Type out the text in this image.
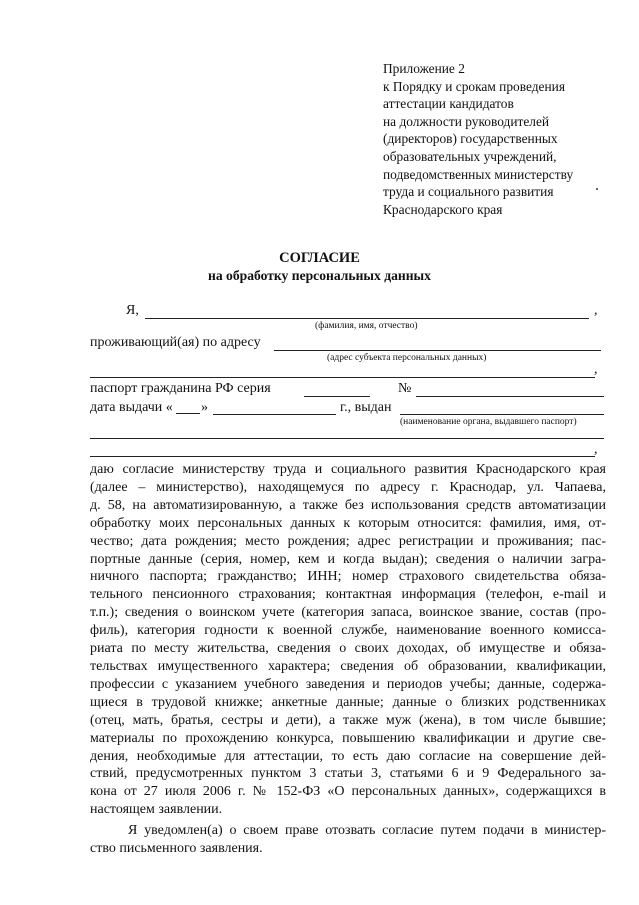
Приложение 2
к Порядку и срокам проведения
аттестации кандидатов
на должности руководителей
(директоров) государственных
образовательных учреждений,
подведомственных министерству
труда и социального развития
Краснодарского края
СОГЛАСИЕ
на обработку персональных данных
Я,	,
(фамилия, имя, отчество)
проживающий(ая) по адресу
(адрес субъекта персональных данных)
,
паспорт гражданина РФ серия	№
дата выдачи « »	г., выдан
(наименование органа, выдавшего паспорт)
,
даю согласие министерству труда и социального развития Краснодарского края
(далее – министерство), находящемуся по адресу г. Краснодар, ул. Чапаева,
д. 58, на автоматизированную, а также без использования средств автоматизации
обработку моих персональных данных к которым относится: фамилия, имя, от-
чество; дата рождения; место рождения; адрес регистрации и проживания; пас-
портные данные (серия, номер, кем и когда выдан); сведения о наличии загра-
ничного паспорта; гражданство; ИНН; номер страхового свидетельства обяза-
тельного пенсионного страхования; контактная информация (телефон, e-mail и
т.п.); сведения о воинском учете (категория запаса, воинское звание, состав (про-
филь), категория годности к военной службе, наименование военного комисса-
риата по месту жительства, сведения о своих доходах, об имуществе и обяза-
тельствах имущественного характера; сведения об образовании, квалификации,
профессии с указанием учебного заведения и периодов учебы; данные, содержа-
щиеся в трудовой книжке; анкетные данные; данные о близких родственниках
(отец, мать, братья, сестры и дети), а также муж (жена), в том числе бывшие;
материалы по прохождению конкурса, повышению квалификации и другие све-
дения, необходимые для аттестации, то есть даю согласие на совершение дей-
ствий, предусмотренных пунктом 3 статьи 3, статьями 6 и 9 Федерального за-
кона от 27 июля 2006 г. № 152-ФЗ «О персональных данных», содержащихся в
настоящем заявлении.
Я уведомлен(а) о своем праве отозвать согласие путем подачи в министер-
ство письменного заявления.
